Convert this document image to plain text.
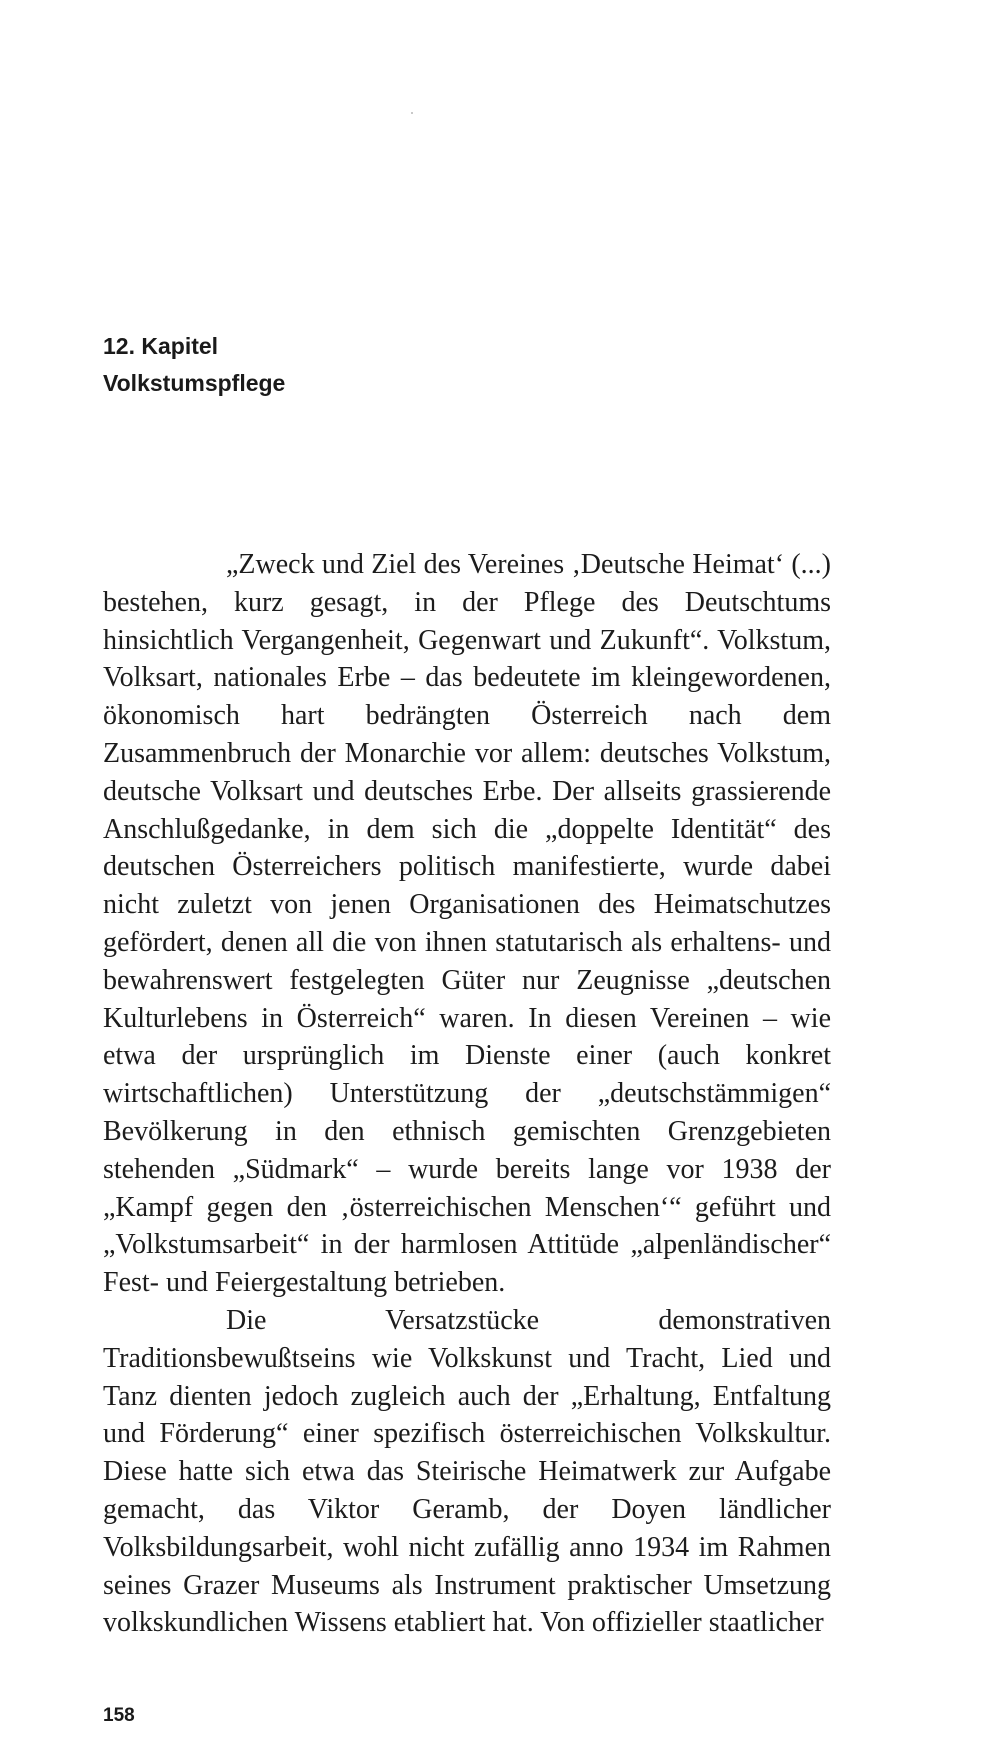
12. Kapitel
Volkstumspflege

„Zweck und Ziel des Vereines ‚Deutsche Heimat‘ (...) bestehen, kurz gesagt, in der Pflege des Deutschtums hinsichtlich Vergangenheit, Gegenwart und Zukunft“. Volkstum, Volksart, nationales Erbe – das bedeutete im kleingewordenen, ökonomisch hart bedrängten Österreich nach dem Zusammenbruch der Monarchie vor allem: deutsches Volkstum, deutsche Volksart und deutsches Erbe. Der allseits grassierende Anschlußgedanke, in dem sich die „doppelte Identität“ des deutschen Österreichers politisch manifestierte, wurde dabei nicht zuletzt von jenen Organisationen des Heimatschutzes gefördert, denen all die von ihnen statutarisch als erhaltens- und bewahrenswert festgelegten Güter nur Zeugnisse „deutschen Kulturlebens in Österreich“ waren. In diesen Vereinen – wie etwa der ursprünglich im Dienste einer (auch konkret wirtschaftlichen) Unterstützung der „deutschstämmigen“ Bevölkerung in den ethnisch gemischten Grenzgebieten stehenden „Südmark“ – wurde bereits lange vor 1938 der „Kampf gegen den ‚österreichischen Menschen‘“ geführt und „Volkstumsarbeit“ in der harmlosen Attitüde „alpenländischer“ Fest- und Feiergestaltung betrieben.

Die Versatzstücke demonstrativen Traditionsbewußtseins wie Volkskunst und Tracht, Lied und Tanz dienten jedoch zugleich auch der „Erhaltung, Entfaltung und Förderung“ einer spezifisch österreichischen Volkskultur. Diese hatte sich etwa das Steirische Heimatwerk zur Aufgabe gemacht, das Viktor Geramb, der Doyen ländlicher Volksbildungsarbeit, wohl nicht zufällig anno 1934 im Rahmen seines Grazer Museums als Instrument praktischer Umsetzung volkskundlichen Wissens etabliert hat. Von offizieller staatlicher

158
